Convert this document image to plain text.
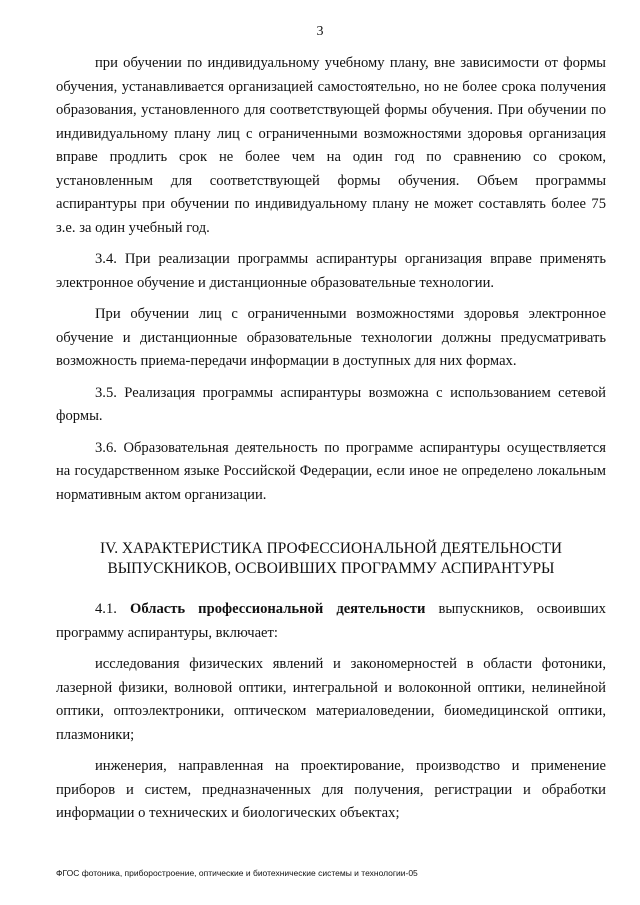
3

при обучении по индивидуальному учебному плану, вне зависимости от формы обучения, устанавливается организацией самостоятельно, но не более срока получения образования, установленного для соответствующей формы обучения. При обучении по индивидуальному плану лиц с ограниченными возможностями здоровья организация вправе продлить срок не более чем на один год по сравнению со сроком, установленным для соответствующей формы обучения. Объем программы аспирантуры при обучении по индивидуальному плану не может составлять более 75 з.е. за один учебный год.

3.4. При реализации программы аспирантуры организация вправе применять электронное обучение и дистанционные образовательные технологии.

При обучении лиц с ограниченными возможностями здоровья электронное обучение и дистанционные образовательные технологии должны предусматривать возможность приема-передачи информации в доступных для них формах.

3.5. Реализация программы аспирантуры возможна с использованием сетевой формы.

3.6. Образовательная деятельность по программе аспирантуры осуществляется на государственном языке Российской Федерации, если иное не определено локальным нормативным актом организации.

IV. ХАРАКТЕРИСТИКА ПРОФЕССИОНАЛЬНОЙ ДЕЯТЕЛЬНОСТИ
ВЫПУСКНИКОВ, ОСВОИВШИХ ПРОГРАММУ АСПИРАНТУРЫ

4.1. Область профессиональной деятельности выпускников, освоивших программу аспирантуры, включает:

исследования физических явлений и закономерностей в области фотоники, лазерной физики, волновой оптики, интегральной и волоконной оптики, нелинейной оптики, оптоэлектроники, оптическом материаловедении, биомедицинской оптики, плазмоники;

инженерия, направленная на проектирование, производство и применение приборов и систем, предназначенных для получения, регистрации и обработки информации о технических и биологических объектах;

ФГОС фотоника, приборостроение, оптические и биотехнические системы и технологии-05
